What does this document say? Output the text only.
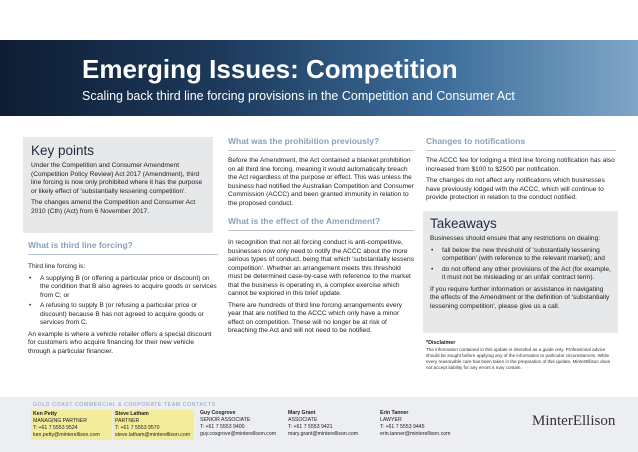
Emerging Issues: Competition
Scaling back third line forcing provisions in the Competition and Consumer Act
Key points

Under the Competition and Consumer Amendment (Competition Policy Review) Act 2017 (Amendment), third line forcing is now only prohibited where it has the purpose or likely effect of 'substantially lessening competition'.

The changes amend the Competition and Consumer Act 2010 (Cth) (Act) from 6 November 2017.

What is third line forcing?

Third line forcing is:

• A supplying B (or offering a particular price or discount) on the condition that B also agrees to acquire goods or services from C; or
• A refusing to supply B (or refusing a particular price or discount) because B has not agreed to acquire goods or services from C.

An example is where a vehicle retailer offers a special discount for customers who acquire financing for their new vehicle through a particular financier.

What was the prohibition previously?

Before the Amendment, the Act contained a blanket prohibition on all third line forcing, meaning it would automatically breach the Act regardless of the purpose or effect. This was unless the business had notified the Australian Competition and Consumer Commission (ACCC) and been granted immunity in relation to the proposed conduct.

What is the effect of the Amendment?

In recognition that not all forcing conduct is anti-competitive, businesses now only need to notify the ACCC about the more serious types of conduct, being that which 'substantially lessens competition'. Whether an arrangement meets this threshold must be determined case-by-case with reference to the market that the business is operating in, a complex exercise which cannot be explored in this brief update.

There are hundreds of third line forcing arrangements every year that are notified to the ACCC which only have a minor effect on competition. These will no longer be at risk of breaching the Act and will not need to be notified.

Changes to notifications

The ACCC fee for lodging a third line forcing notification has also increased from $100 to $2500 per notification.

The changes do not affect any notifications which businesses have previously lodged with the ACCC, which will continue to provide protection in relation to the conduct notified.

Takeaways

Businesses should ensure that any restrictions on dealing:

• fall below the new threshold of 'substantially lessening competition' (with reference to the relevant market); and
• do not offend any other provisions of the Act (for example, it must not be misleading or an unfair contract term).

If you require further information or assistance in navigating the effects of the Amendment or the definition of 'substantially lessening competition', please give us a call.

*Disclaimer
The information contained in this update is intended as a guide only. Professional advice should be sought before applying any of the information to particular circumstances. While every reasonable care has been taken in the preparation of this update, MinterEllison does not accept liability for any errors it may contain.
GOLD COAST COMMERCIAL & CORPORATE TEAM CONTACTS
Ken Petty
MANAGING PARTNER
T: +61 7 5553 9524
ken.petty@minterellison.com
Steve Latham
PARTNER
T: +61 7 5553 9570
steve.latham@minterellison.com
Guy Cosgrove
SENIOR ASSOCIATE
T: +61 7 5553 9400
guy.cosgrove@minterellison.com
Mary Grant
ASSOCIATE
T: +61 7 5553 9421
mary.grant@minterellison.com
Erin Tanner
LAWYER
T: +61 7 5553 9445
erin.tanner@minterellison.com
MinterEllison
